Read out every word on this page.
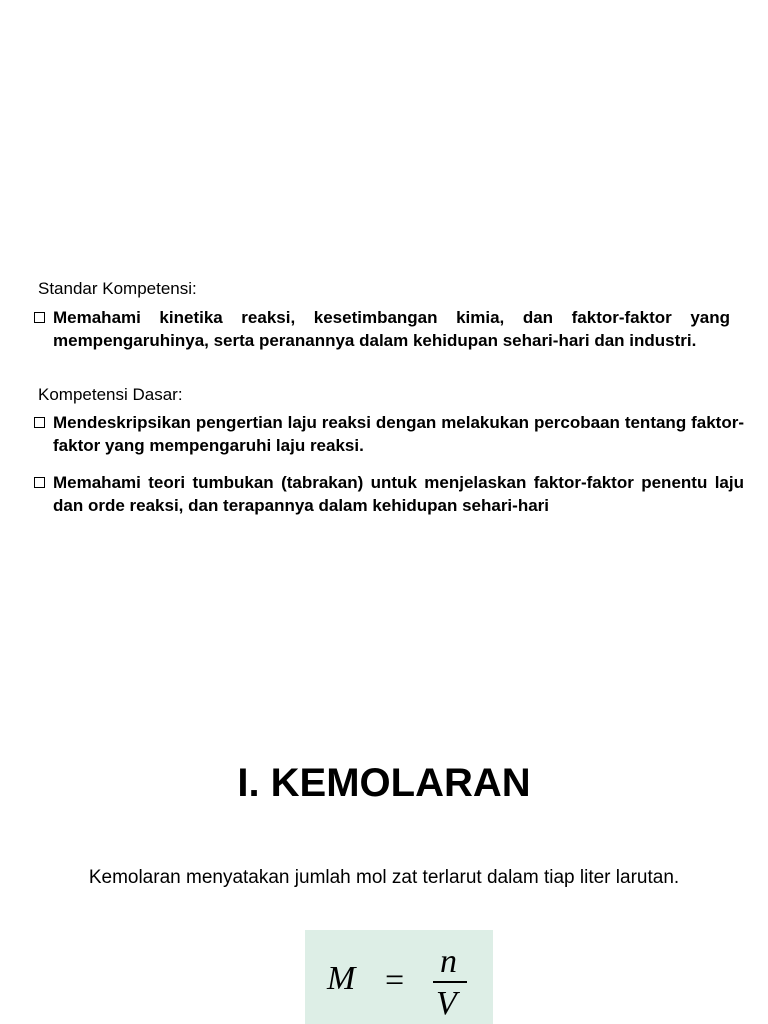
Standar Kompetensi:
Memahami kinetika reaksi, kesetimbangan kimia, dan faktor-faktor yang mempengaruhinya, serta peranannya dalam kehidupan sehari-hari dan industri.
Kompetensi Dasar:
Mendeskripsikan pengertian laju reaksi dengan melakukan percobaan tentang faktor-faktor yang mempengaruhi laju reaksi.
Memahami teori tumbukan (tabrakan) untuk menjelaskan faktor-faktor penentu laju dan orde reaksi, dan terapannya dalam kehidupan sehari-hari
I. KEMOLARAN
Kemolaran menyatakan jumlah mol zat terlarut dalam tiap liter larutan.
M =
n
V
